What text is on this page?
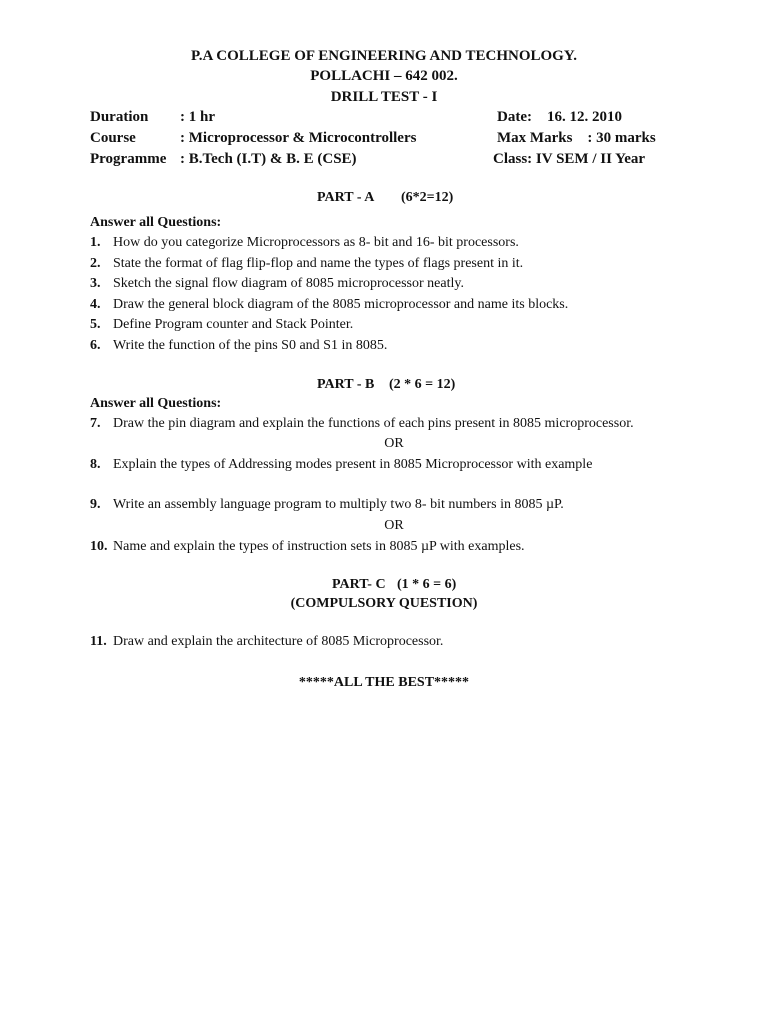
P.A COLLEGE OF ENGINEERING AND TECHNOLOGY.
POLLACHI – 642 002.
DRILL TEST - I
Duration : 1 hr	Date:    16. 12. 2010
Course	: Microprocessor & Microcontrollers	Max Marks    : 30 marks
Programme : B.Tech (I.T) & B. E (CSE)	Class: IV SEM / II Year
PART - A (6*2=12)
Answer all Questions:
1. How do you categorize Microprocessors as 8- bit and 16- bit processors.
2. State the format of flag flip-flop and name the types of flags present in it.
3. Sketch the signal flow diagram of 8085 microprocessor neatly.
4. Draw the general block diagram of the 8085 microprocessor and name its blocks.
5. Define Program counter and Stack Pointer.
6. Write the function of the pins S0 and S1 in 8085.
PART - B (2 * 6 = 12)
Answer all Questions:
7. Draw the pin diagram and explain the functions of each pins present in 8085 microprocessor.
OR
8. Explain the types of Addressing modes present in 8085 Microprocessor with example
9. Write an assembly language program to multiply two 8- bit numbers in 8085 µP.
OR
10. Name and explain the types of instruction sets in 8085 µP with examples.
PART- C (1 * 6 = 6)
(COMPULSORY QUESTION)
11. Draw and explain the architecture of 8085 Microprocessor.
*****ALL THE BEST*****
